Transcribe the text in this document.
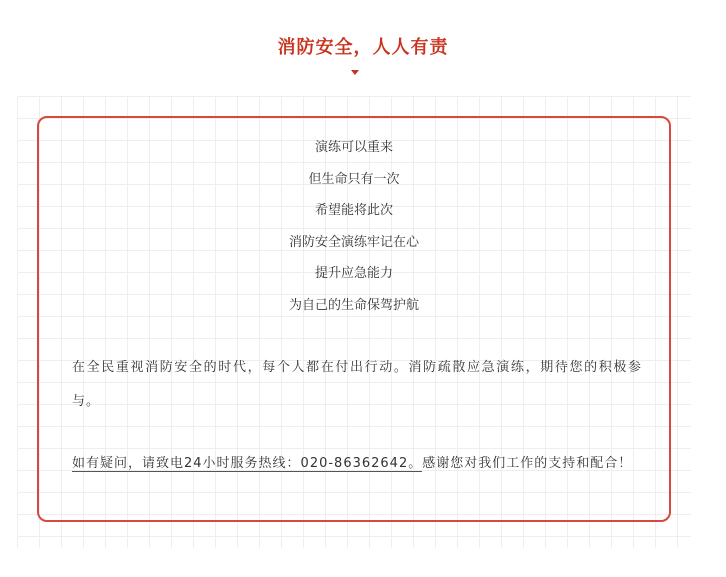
消防安全，人人有责
演练可以重来
但生命只有一次
希望能将此次
消防安全演练牢记在心
提升应急能力
为自己的生命保驾护航

在全民重视消防安全的时代，每个人都在付出行动。消防疏散应急演练，期待您的积极参与。

如有疑问，请致电24小时服务热线：020-86362642。感谢您对我们工作的支持和配合！
